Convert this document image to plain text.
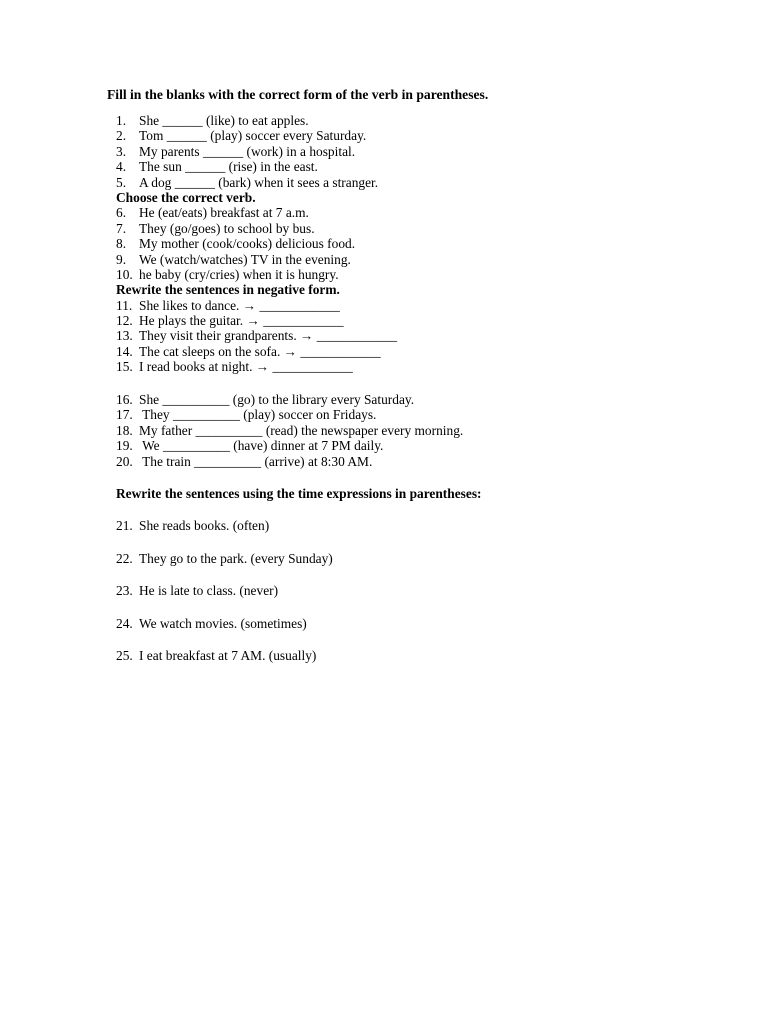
Fill in the blanks with the correct form of the verb in parentheses.
1. She ______ (like) to eat apples.
2. Tom ______ (play) soccer every Saturday.
3. My parents ______ (work) in a hospital.
4. The sun ______ (rise) in the east.
5. A dog ______ (bark) when it sees a stranger.
Choose the correct verb.
6. He (eat/eats) breakfast at 7 a.m.
7. They (go/goes) to school by bus.
8. My mother (cook/cooks) delicious food.
9. We (watch/watches) TV in the evening.
10. he baby (cry/cries) when it is hungry.
Rewrite the sentences in negative form.
11. She likes to dance. → ____________
12. He plays the guitar. → ____________
13. They visit their grandparents. → ____________
14. The cat sleeps on the sofa. → ____________
15. I read books at night. → ____________
16. She __________ (go) to the library every Saturday.
17. They __________ (play) soccer on Fridays.
18. My father __________ (read) the newspaper every morning.
19. We __________ (have) dinner at 7 PM daily.
20. The train __________ (arrive) at 8:30 AM.
Rewrite the sentences using the time expressions in parentheses:
21. She reads books. (often)
22. They go to the park. (every Sunday)
23. He is late to class. (never)
24. We watch movies. (sometimes)
25. I eat breakfast at 7 AM. (usually)
